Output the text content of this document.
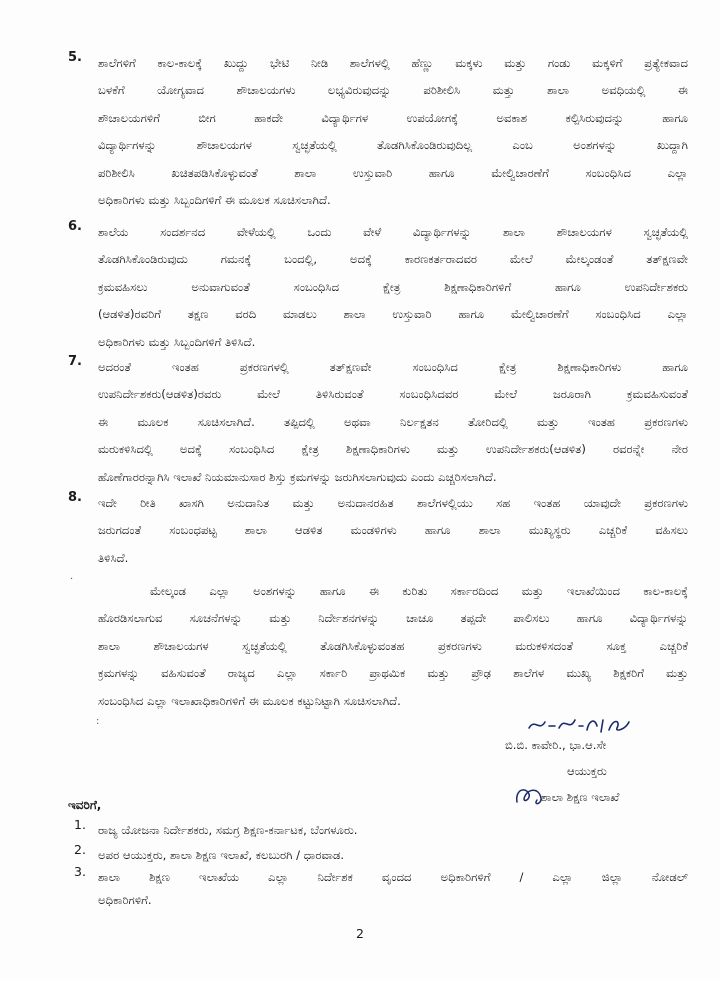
5. ಶಾಲೆಗಳಿಗೆ ಕಾಲ-ಕಾಲಕ್ಕೆ ಖುದ್ದು ಭೇಟಿ ನೀಡಿ ಶಾಲೆಗಳಲ್ಲಿ ಹೆಣ್ಣು ಮಕ್ಕಳು ಮತ್ತು ಗಂಡು ಮಕ್ಕಳಿಗೆ ಪ್ರತ್ಯೇಕವಾದ
ಬಳಕೆಗೆ ಯೋಗ್ಯವಾದ ಶೌಚಾಲಯಗಳು ಲಭ್ಯವಿರುವುದನ್ನು ಪರಿಶೀಲಿಸಿ ಮತ್ತು ಶಾಲಾ ಅವಧಿಯಲ್ಲಿ ಈ
ಶೌಚಾಲಯಗಳಿಗೆ ಬೀಗ ಹಾಕದೇ ವಿದ್ಯಾರ್ಥಿಗಳ ಉಪಯೋಗಕ್ಕೆ ಅವಕಾಶ ಕಲ್ಪಿಸಿರುವುದನ್ನು ಹಾಗೂ
ವಿದ್ಯಾರ್ಥಿಗಳನ್ನು ಶೌಚಾಲಯಗಳ ಸ್ವಚ್ಛತೆಯಲ್ಲಿ ತೊಡಗಿಸಿಕೊಂಡಿರುವುದಿಲ್ಲ ಎಂಬ ಅಂಶಗಳನ್ನು ಖುದ್ದಾಗಿ
ಪರಿಶೀಲಿಸಿ ಖಚಿತಪಡಿಸಿಕೊಳ್ಳುವಂತೆ ಶಾಲಾ ಉಸ್ತುವಾರಿ ಹಾಗೂ ಮೇಲ್ವಿಚಾರಣೆಗೆ ಸಂಬಂಧಿಸಿದ ಎಲ್ಲಾ
ಅಧಿಕಾರಿಗಳು ಮತ್ತು ಸಿಬ್ಬಂದಿಗಳಿಗೆ ಈ ಮೂಲಕ ಸೂಚಿಸಲಾಗಿದೆ.
6. ಶಾಲೆಯ ಸಂದರ್ಶನದ ವೇಳೆಯಲ್ಲಿ ಒಂದು ವೇಳೆ ವಿದ್ಯಾರ್ಥಿಗಳನ್ನು ಶಾಲಾ ಶೌಚಾಲಯಗಳ ಸ್ವಚ್ಛತೆಯಲ್ಲಿ
ತೊಡಗಿಸಿಕೊಂಡಿರುವುದು ಗಮನಕ್ಕೆ ಬಂದಲ್ಲಿ, ಅದಕ್ಕೆ ಕಾರಣಕರ್ತರಾದವರ ಮೇಲೆ ಮೇಲ್ಕಂಡಂತೆ ತತ್‌ಕ್ಷಣವೇ
ಕ್ರಮವಹಿಸಲು ಅನುವಾಗುವಂತೆ ಸಂಬಂಧಿಸಿದ ಕ್ಷೇತ್ರ ಶಿಕ್ಷಣಾಧಿಕಾರಿಗಳಿಗೆ ಹಾಗೂ ಉಪನಿರ್ದೇಶಕರು
(ಆಡಳಿತ)ರವರಿಗೆ ತಕ್ಷಣ ವರದಿ ಮಾಡಲು ಶಾಲಾ ಉಸ್ತುವಾರಿ ಹಾಗೂ ಮೇಲ್ವಿಚಾರಣೆಗೆ ಸಂಬಂಧಿಸಿದ ಎಲ್ಲಾ
ಅಧಿಕಾರಿಗಳು ಮತ್ತು ಸಿಬ್ಬಂದಿಗಳಿಗೆ ತಿಳಿಸಿದೆ.
7. ಅದರಂತೆ ಇಂತಹ ಪ್ರಕರಣಗಳಲ್ಲಿ ತತ್‌ಕ್ಷಣವೇ ಸಂಬಂಧಿಸಿದ ಕ್ಷೇತ್ರ ಶಿಕ್ಷಣಾಧಿಕಾರಿಗಳು ಹಾಗೂ
ಉಪನಿರ್ದೇಶಕರು(ಆಡಳಿತ)ರವರು ಮೇಲೆ ತಿಳಿಸಿರುವಂತೆ ಸಂಬಂಧಿಸಿದವರ ಮೇಲೆ ಜರೂರಾಗಿ ಕ್ರಮವಹಿಸುವಂತೆ
ಈ ಮೂಲಕ ಸೂಚಿಸಲಾಗಿದೆ. ತಪ್ಪಿದಲ್ಲಿ ಅಥವಾ ನಿರ್ಲಕ್ಷತನ ತೋರಿದಲ್ಲಿ ಮತ್ತು ಇಂತಹ ಪ್ರಕರಣಗಳು
ಮರುಕಳಿಸಿದಲ್ಲಿ ಅದಕ್ಕೆ ಸಂಬಂಧಿಸಿದ ಕ್ಷೇತ್ರ ಶಿಕ್ಷಣಾಧಿಕಾರಿಗಳು ಮತ್ತು ಉಪನಿರ್ದೇಶಕರು(ಆಡಳಿತ) ರವರನ್ನೇ ನೇರ
ಹೊಣೆಗಾರರನ್ನಾಗಿಸಿ ಇಲಾಖೆ ನಿಯಮಾನುಸಾರ ಶಿಸ್ತು ಕ್ರಮಗಳನ್ನು ಜರುಗಿಸಲಾಗುವುದು ಎಂದು ಎಚ್ಚರಿಸಲಾಗಿದೆ.
8. ಇದೇ ರೀತಿ ಖಾಸಗಿ ಅನುದಾನಿತ ಮತ್ತು ಅನುದಾನರಹಿತ ಶಾಲೆಗಳಲ್ಲಿಯು ಸಹ ಇಂತಹ ಯಾವುದೇ ಪ್ರಕರಣಗಳು
ಜರುಗದಂತೆ ಸಂಬಂಧಪಟ್ಟ ಶಾಲಾ ಆಡಳಿತ ಮಂಡಳಿಗಳು ಹಾಗೂ ಶಾಲಾ ಮುಖ್ಯಸ್ಥರು ಎಚ್ಚರಿಕೆ ವಹಿಸಲು
ತಿಳಿಸಿದೆ.
·
ಮೇಲ್ಕಂಡ ಎಲ್ಲಾ ಅಂಶಗಳನ್ನು ಹಾಗೂ ಈ ಕುರಿತು ಸರ್ಕಾರದಿಂದ ಮತ್ತು ಇಲಾಖೆಯಿಂದ ಕಾಲ-ಕಾಲಕ್ಕೆ
ಹೊರಡಿಸಲಾಗುವ ಸೂಚನೆಗಳನ್ನು ಮತ್ತು ನಿರ್ದೇಶನಗಳನ್ನು ಚಾಚೂ ತಪ್ಪದೇ ಪಾಲಿಸಲು ಹಾಗೂ ವಿದ್ಯಾರ್ಥಿಗಳನ್ನು
ಶಾಲಾ ಶೌಚಾಲಯಗಳ ಸ್ವಚ್ಛತೆಯಲ್ಲಿ ತೊಡಗಿಸಿಕೊಳ್ಳುವಂತಹ ಪ್ರಕರಣಗಳು ಮರುಕಳಿಸದಂತೆ ಸೂಕ್ತ ಎಚ್ಚರಿಕೆ
ಕ್ರಮಗಳನ್ನು ವಹಿಸುವಂತೆ ರಾಜ್ಯದ ಎಲ್ಲಾ ಸರ್ಕಾರಿ ಪ್ರಾಥಮಿಕ ಮತ್ತು ಪ್ರೌಢ ಶಾಲೆಗಳ ಮುಖ್ಯ ಶಿಕ್ಷಕರಿಗೆ ಮತ್ತು
ಸಂಬಂಧಿಸಿದ ಎಲ್ಲಾ ಇಲಾಖಾಧಿಕಾರಿಗಳಿಗೆ ಈ ಮೂಲಕ ಕಟ್ಟುನಿಟ್ಟಾಗಿ ಸೂಚಿಸಲಾಗಿದೆ.
:
ಬಿ.ಬಿ. ಕಾವೇರಿ., ಭಾ.ಆ.ಸೇ
ಆಯುಕ್ತರು
ಶಾಲಾ ಶಿಕ್ಷಣ ಇಲಾಖೆ
ಇವರಿಗೆ,
1. ರಾಜ್ಯ ಯೋಜನಾ ನಿರ್ದೇಶಕರು, ಸಮಗ್ರ ಶಿಕ್ಷಣ-ಕರ್ನಾಟಕ, ಬೆಂಗಳೂರು.
2. ಅಪರ ಆಯುಕ್ತರು, ಶಾಲಾ ಶಿಕ್ಷಣ ಇಲಾಖೆ, ಕಲಬುರಗಿ / ಧಾರವಾಡ.
3. ಶಾಲಾ ಶಿಕ್ಷಣ ಇಲಾಖೆಯ ಎಲ್ಲಾ ನಿರ್ದೇಶಕ ವೃಂದದ ಅಧಿಕಾರಿಗಳಿಗೆ / ಎಲ್ಲಾ ಜಿಲ್ಲಾ ನೋಡಲ್
ಅಧಿಕಾರಿಗಳಿಗೆ.
2
